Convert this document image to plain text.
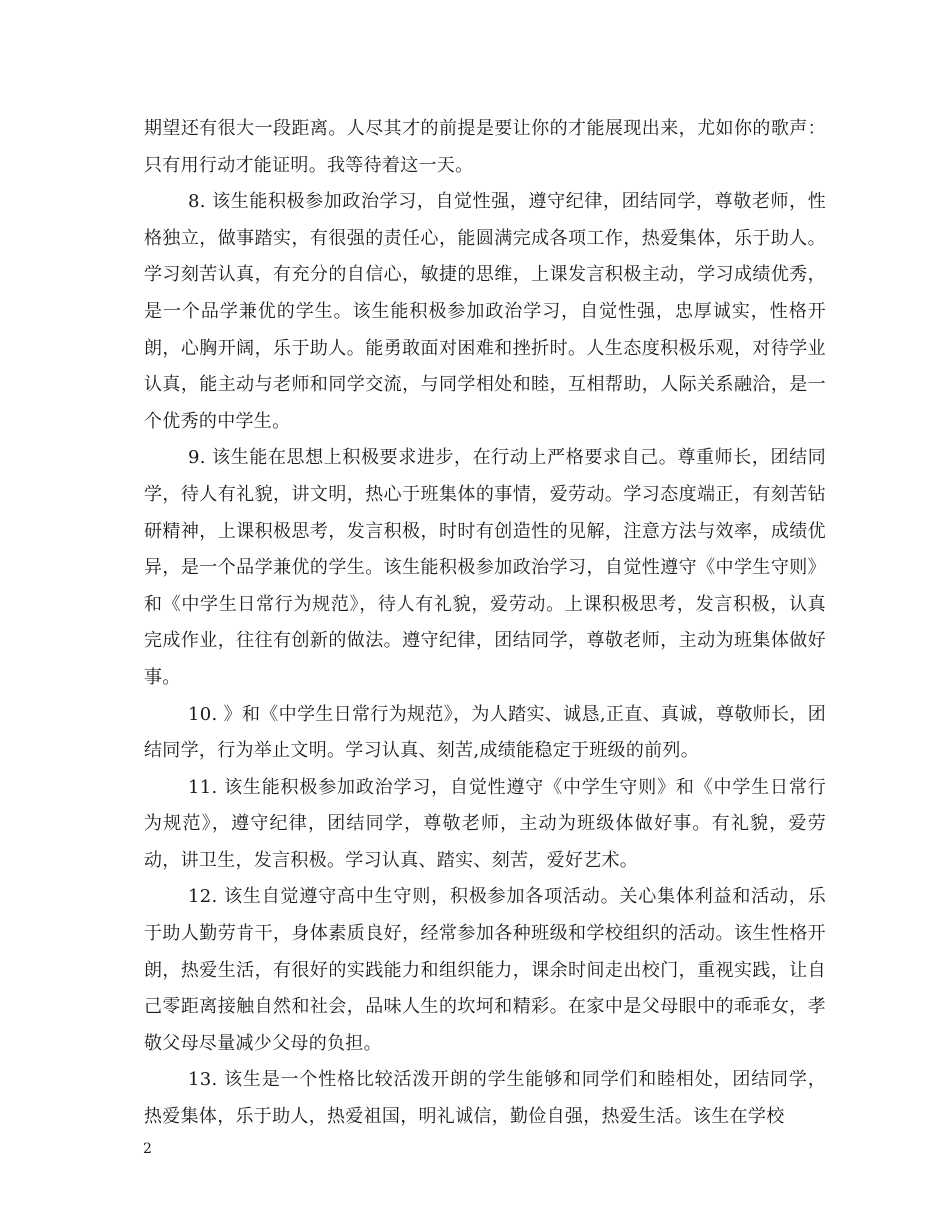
期望还有很大一段距离。人尽其才的前提是要让你的才能展现出来，尤如你的歌声：只有用行动才能证明。我等待着这一天。

8. 该生能积极参加政治学习，自觉性强，遵守纪律，团结同学，尊敬老师，性格独立，做事踏实，有很强的责任心，能圆满完成各项工作，热爱集体，乐于助人。学习刻苦认真，有充分的自信心，敏捷的思维，上课发言积极主动，学习成绩优秀，是一个品学兼优的学生。该生能积极参加政治学习，自觉性强，忠厚诚实，性格开朗，心胸开阔，乐于助人。能勇敢面对困难和挫折时。人生态度积极乐观，对待学业认真，能主动与老师和同学交流，与同学相处和睦，互相帮助，人际关系融洽，是一个优秀的中学生。

9. 该生能在思想上积极要求进步，在行动上严格要求自己。尊重师长，团结同学，待人有礼貌，讲文明，热心于班集体的事情，爱劳动。学习态度端正，有刻苦钻研精神，上课积极思考，发言积极，时时有创造性的见解，注意方法与效率，成绩优异，是一个品学兼优的学生。该生能积极参加政治学习，自觉性遵守《中学生守则》和《中学生日常行为规范》，待人有礼貌，爱劳动。上课积极思考，发言积极，认真完成作业，往往有创新的做法。遵守纪律，团结同学，尊敬老师，主动为班集体做好事。

10. 》和《中学生日常行为规范》，为人踏实、诚恳,正直、真诚，尊敬师长，团结同学，行为举止文明。学习认真、刻苦,成绩能稳定于班级的前列。

11. 该生能积极参加政治学习，自觉性遵守《中学生守则》和《中学生日常行为规范》，遵守纪律，团结同学，尊敬老师，主动为班级体做好事。有礼貌，爱劳动，讲卫生，发言积极。学习认真、踏实、刻苦，爱好艺术。

12. 该生自觉遵守高中生守则，积极参加各项活动。关心集体利益和活动，乐于助人勤劳肯干，身体素质良好，经常参加各种班级和学校组织的活动。该生性格开朗，热爱生活，有很好的实践能力和组织能力，课余时间走出校门，重视实践，让自己零距离接触自然和社会，品味人生的坎坷和精彩。在家中是父母眼中的乖乖女，孝敬父母尽量减少父母的负担。

13. 该生是一个性格比较活泼开朗的学生能够和同学们和睦相处，团结同学，热爱集体，乐于助人，热爱祖国，明礼诚信，勤俭自强，热爱生活。该生在学校

2
